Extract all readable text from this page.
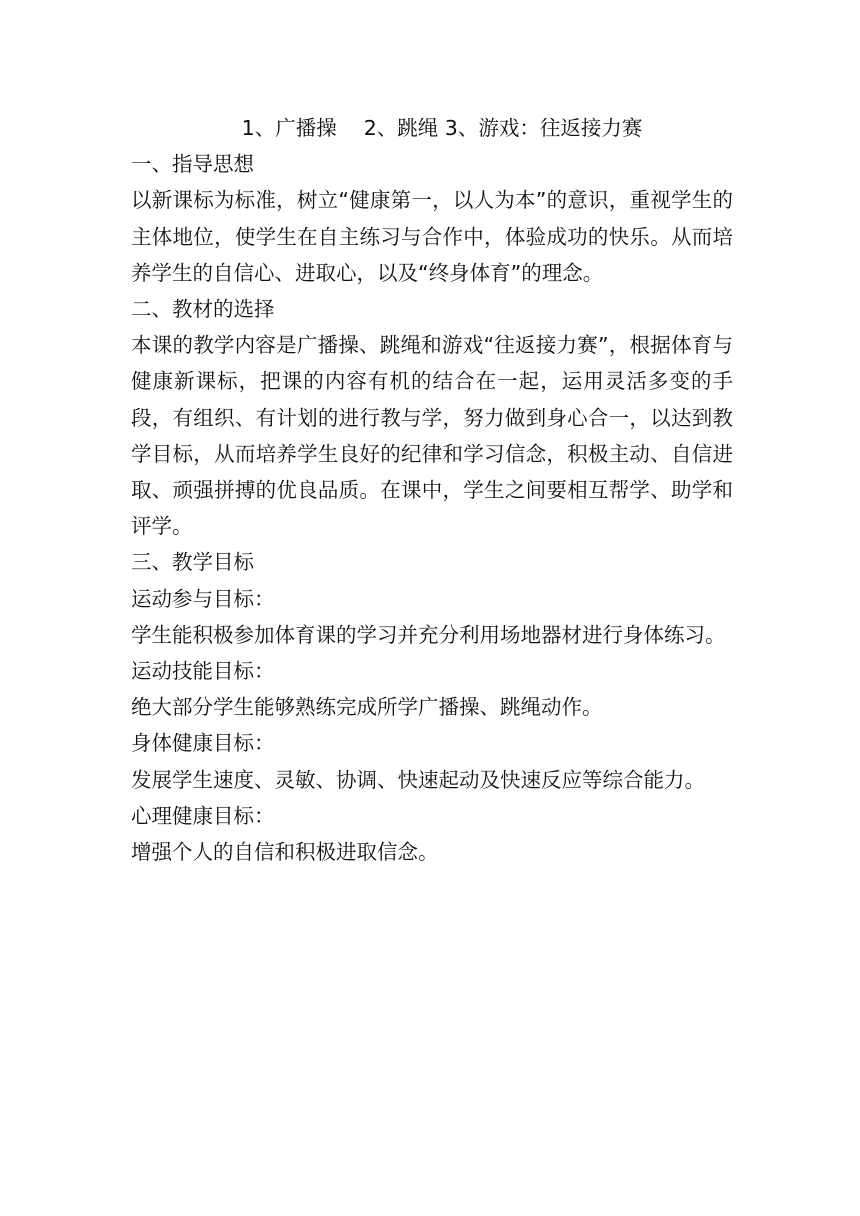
1、广播操　 2、跳绳 3、游戏：往返接力赛
一、指导思想
以新课标为标准，树立“健康第一，以人为本”的意识，重视学生的主体地位，使学生在自主练习与合作中，体验成功的快乐。从而培养学生的自信心、进取心，以及“终身体育”的理念。
二、教材的选择
本课的教学内容是广播操、跳绳和游戏“往返接力赛”，根据体育与健康新课标，把课的内容有机的结合在一起，运用灵活多变的手段，有组织、有计划的进行教与学，努力做到身心合一，以达到教学目标，从而培养学生良好的纪律和学习信念，积极主动、自信进取、顽强拼搏的优良品质。在课中，学生之间要相互帮学、助学和评学。
三、教学目标
运动参与目标：
学生能积极参加体育课的学习并充分利用场地器材进行身体练习。
运动技能目标：
绝大部分学生能够熟练完成所学广播操、跳绳动作。
身体健康目标：
发展学生速度、灵敏、协调、快速起动及快速反应等综合能力。
心理健康目标：
增强个人的自信和积极进取信念。
